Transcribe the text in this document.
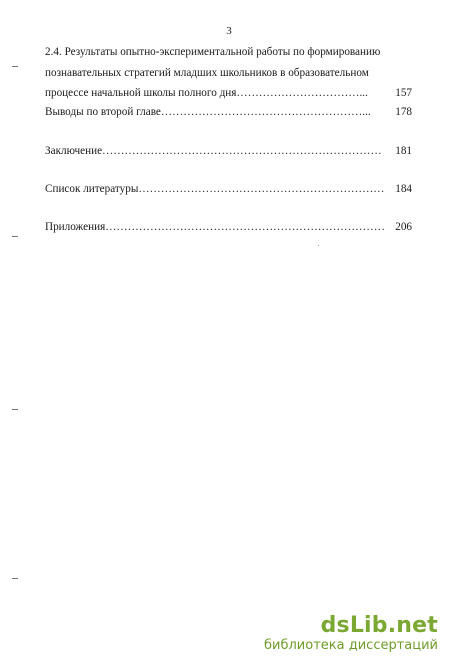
3
2.4. Результаты опытно-экспериментальной работы по формированию
познавательных стратегий младших школьников в образовательном
процессе начальной школы полного дня……………………………... 157
Выводы по второй главе………………………………………………... 178
Заключение………………………………………………………………… 181
Список литературы………………………………………………………… 184
Приложения………………………………………………………………… 206
dsLib.net
библиотека диссертаций
